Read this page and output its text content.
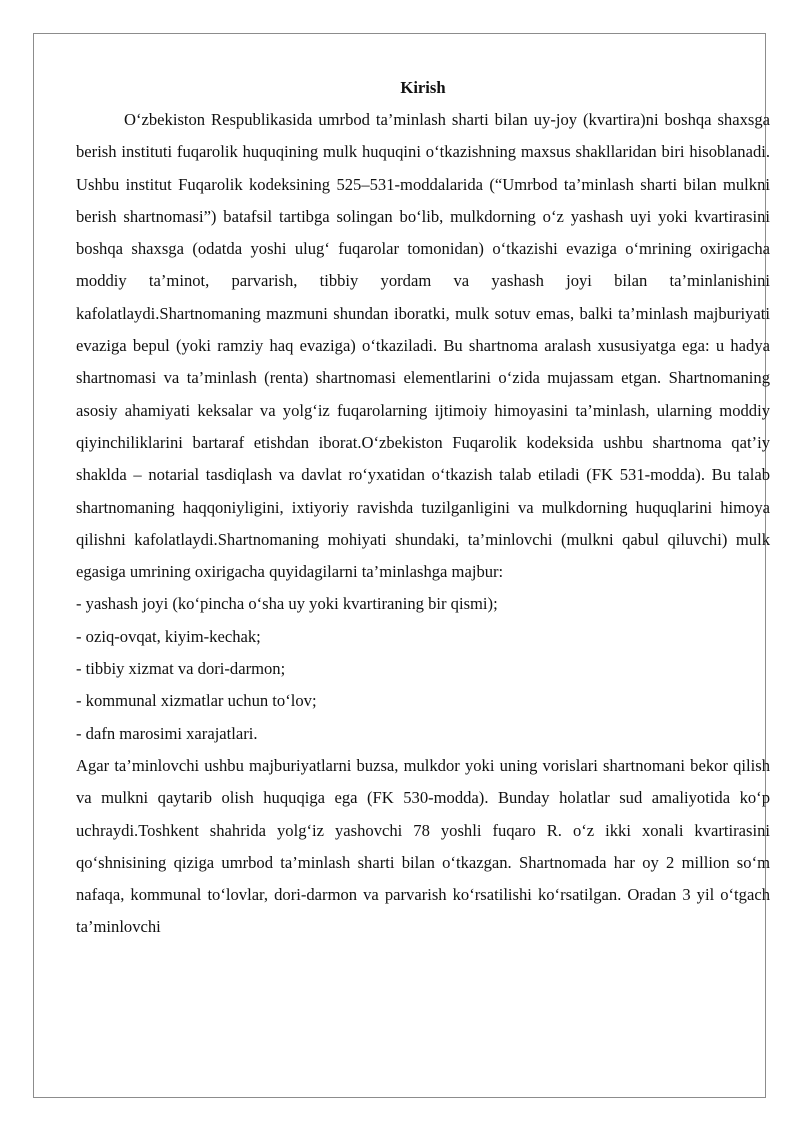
Kirish

O‘zbekiston Respublikasida umrbod ta’minlash sharti bilan uy-joy (kvartira)ni boshqa shaxsga berish instituti fuqarolik huquqining mulk huquqini o‘tkazishning maxsus shakllaridan biri hisoblanadi. Ushbu institut Fuqarolik kodeksining 525–531-moddalarida (“Umrbod ta’minlash sharti bilan mulkni berish shartnomasi”) batafsil tartibga solingan bo‘lib, mulkdorning o‘z yashash uyi yoki kvartirasini boshqa shaxsga (odatda yoshi ulug‘ fuqarolar tomonidan) o‘tkazishi evaziga o‘mrining oxirigacha moddiy ta’minot, parvarish, tibbiy yordam va yashash joyi bilan ta’minlanishini kafolatlaydi.Shartnomaning mazmuni shundan iboratki, mulk sotuv emas, balki ta’minlash majburiyati evaziga bepul (yoki ramziy haq evaziga) o‘tkaziladi. Bu shartnoma aralash xususiyatga ega: u hadya shartnomasi va ta’minlash (renta) shartnomasi elementlarini o‘zida mujassam etgan. Shartnomaning asosiy ahamiyati keksalar va yolg‘iz fuqarolarning ijtimoiy himoyasini ta’minlash, ularning moddiy qiyinchiliklarini bartaraf etishdan iborat.O‘zbekiston Fuqarolik kodeksida ushbu shartnoma qat’iy shaklda – notarial tasdiqlash va davlat ro‘yxatidan o‘tkazish talab etiladi (FK 531-modda). Bu talab shartnomaning haqqoniyligini, ixtiyoriy ravishda tuzilganligini va mulkdorning huquqlarini himoya qilishni kafolatlaydi.Shartnomaning mohiyati shundaki, ta’minlovchi (mulkni qabul qiluvchi) mulk egasiga umrining oxirigacha quyidagilarni ta’minlashga majbur:

- yashash joyi (ko‘pincha o‘sha uy yoki kvartiraning bir qismi);
- oziq-ovqat, kiyim-kechak;
- tibbiy xizmat va dori-darmon;
- kommunal xizmatlar uchun to‘lov;
- dafn marosimi xarajatlari.

Agar ta’minlovchi ushbu majburiyatlarni buzsa, mulkdor yoki uning vorislari shartnomani bekor qilish va mulkni qaytarib olish huquqiga ega (FK 530-modda). Bunday holatlar sud amaliyotida ko‘p uchraydi.Toshkent shahrida yolg‘iz yashovchi 78 yoshli fuqaro R. o‘z ikki xonali kvartirasini qo‘shnisining qiziga umrbod ta’minlash sharti bilan o‘tkazgan. Shartnomada har oy 2 million so‘m nafaqa, kommunal to‘lovlar, dori-darmon va parvarish ko‘rsatilishi ko‘rsatilgan. Oradan 3 yil o‘tgach ta’minlovchi
